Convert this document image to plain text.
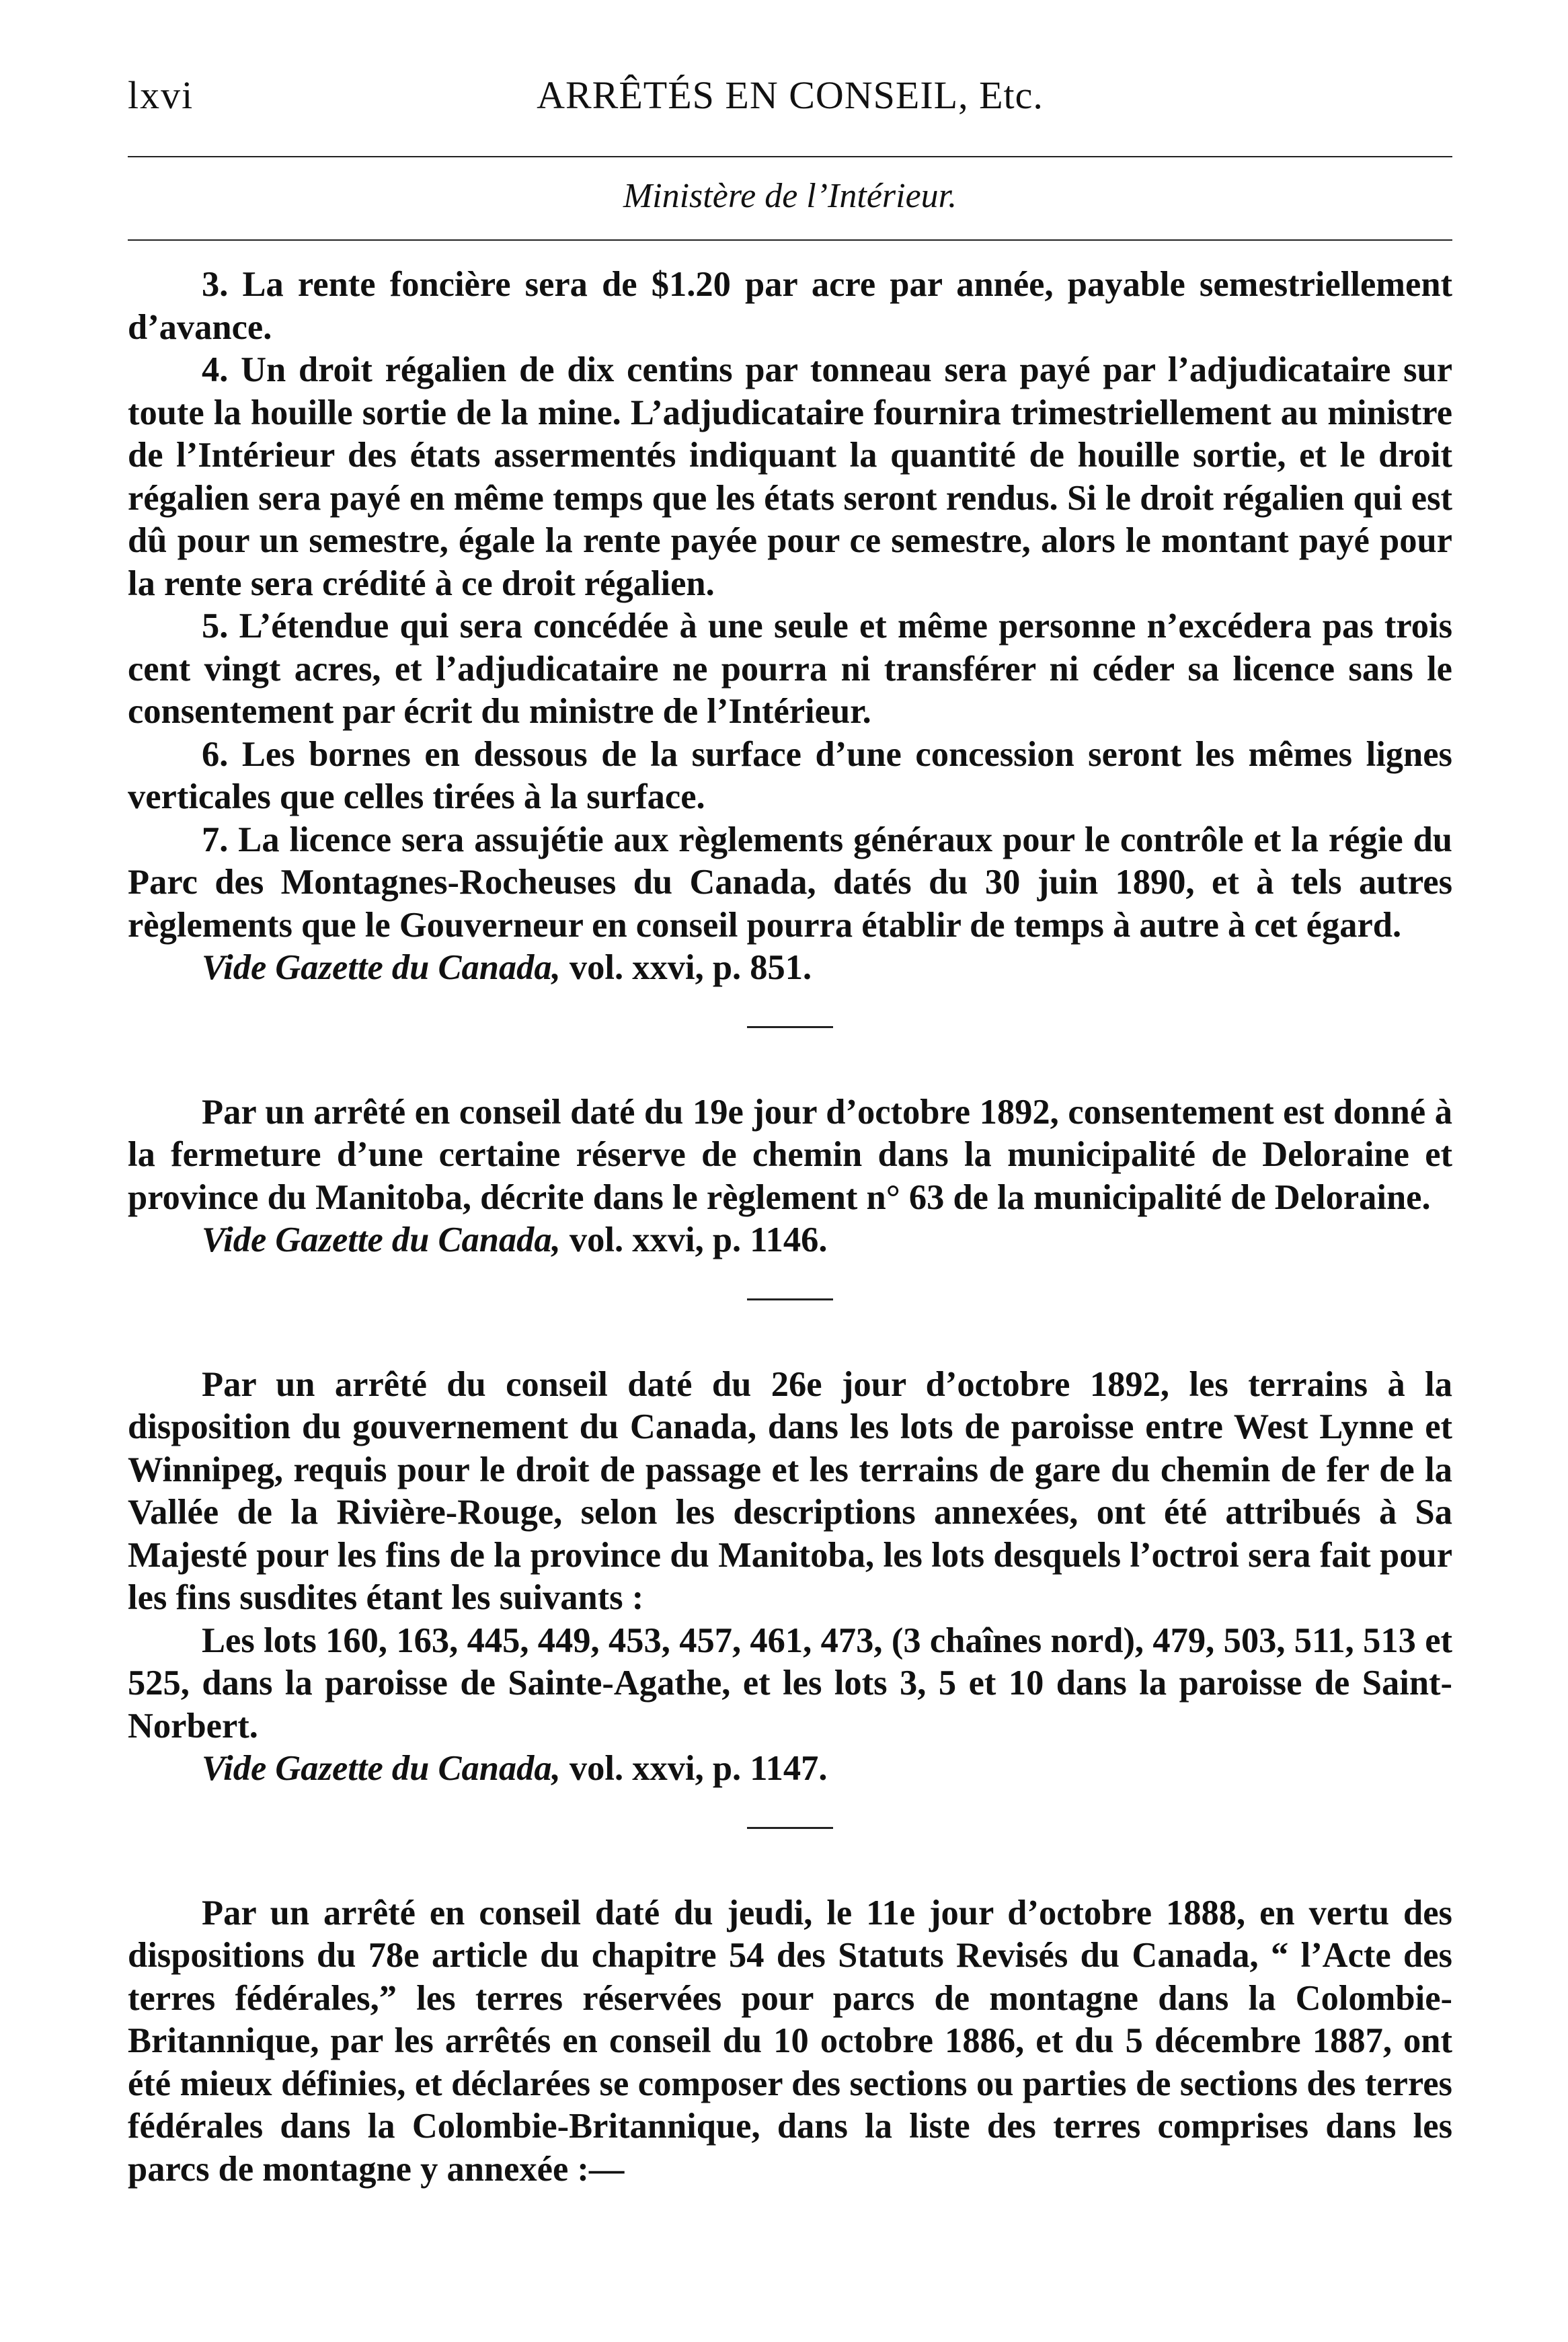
lxvi	ARRÊTÉS EN CONSEIL, Etc.
Ministère de l’Intérieur.

3. La rente foncière sera de $1.20 par acre par année, payable semestriellement d’avance.

4. Un droit régalien de dix centins par tonneau sera payé par l’adjudicataire sur toute la houille sortie de la mine. L’adjudicataire fournira trimestriellement au ministre de l’Intérieur des états assermentés indiquant la quantité de houille sortie, et le droit régalien sera payé en même temps que les états seront rendus. Si le droit régalien qui est dû pour un semestre, égale la rente payée pour ce semestre, alors le montant payé pour la rente sera crédité à ce droit régalien.

5. L’étendue qui sera concédée à une seule et même personne n’excédera pas trois cent vingt acres, et l’adjudicataire ne pourra ni transférer ni céder sa licence sans le consentement par écrit du ministre de l’Intérieur.

6. Les bornes en dessous de la surface d’une concession seront les mêmes lignes verticales que celles tirées à la surface.

7. La licence sera assujétie aux règlements généraux pour le contrôle et la régie du Parc des Montagnes-Rocheuses du Canada, datés du 30 juin 1890, et à tels autres règlements que le Gouverneur en conseil pourra établir de temps à autre à cet égard.

Vide Gazette du Canada, vol. xxvi, p. 851.

Par un arrêté en conseil daté du 19e jour d’octobre 1892, consentement est donné à la fermeture d’une certaine réserve de chemin dans la municipalité de Deloraine et province du Manitoba, décrite dans le règlement n° 63 de la municipalité de Deloraine.

Vide Gazette du Canada, vol. xxvi, p. 1146.

Par un arrêté du conseil daté du 26e jour d’octobre 1892, les terrains à la disposition du gouvernement du Canada, dans les lots de paroisse entre West Lynne et Winnipeg, requis pour le droit de passage et les terrains de gare du chemin de fer de la Vallée de la Rivière-Rouge, selon les descriptions annexées, ont été attribués à Sa Majesté pour les fins de la province du Manitoba, les lots desquels l’octroi sera fait pour les fins susdites étant les suivants :

Les lots 160, 163, 445, 449, 453, 457, 461, 473, (3 chaînes nord), 479, 503, 511, 513 et 525, dans la paroisse de Sainte-Agathe, et les lots 3, 5 et 10 dans la paroisse de Saint-Norbert.

Vide Gazette du Canada, vol. xxvi, p. 1147.

Par un arrêté en conseil daté du jeudi, le 11e jour d’octobre 1888, en vertu des dispositions du 78e article du chapitre 54 des Statuts Revisés du Canada, “ l’Acte des terres fédérales,” les terres réservées pour parcs de montagne dans la Colombie-Britannique, par les arrêtés en conseil du 10 octobre 1886, et du 5 décembre 1887, ont été mieux définies, et déclarées se composer des sections ou parties de sections des terres fédérales dans la Colombie-Britannique, dans la liste des terres comprises dans les parcs de montagne y annexée :—
